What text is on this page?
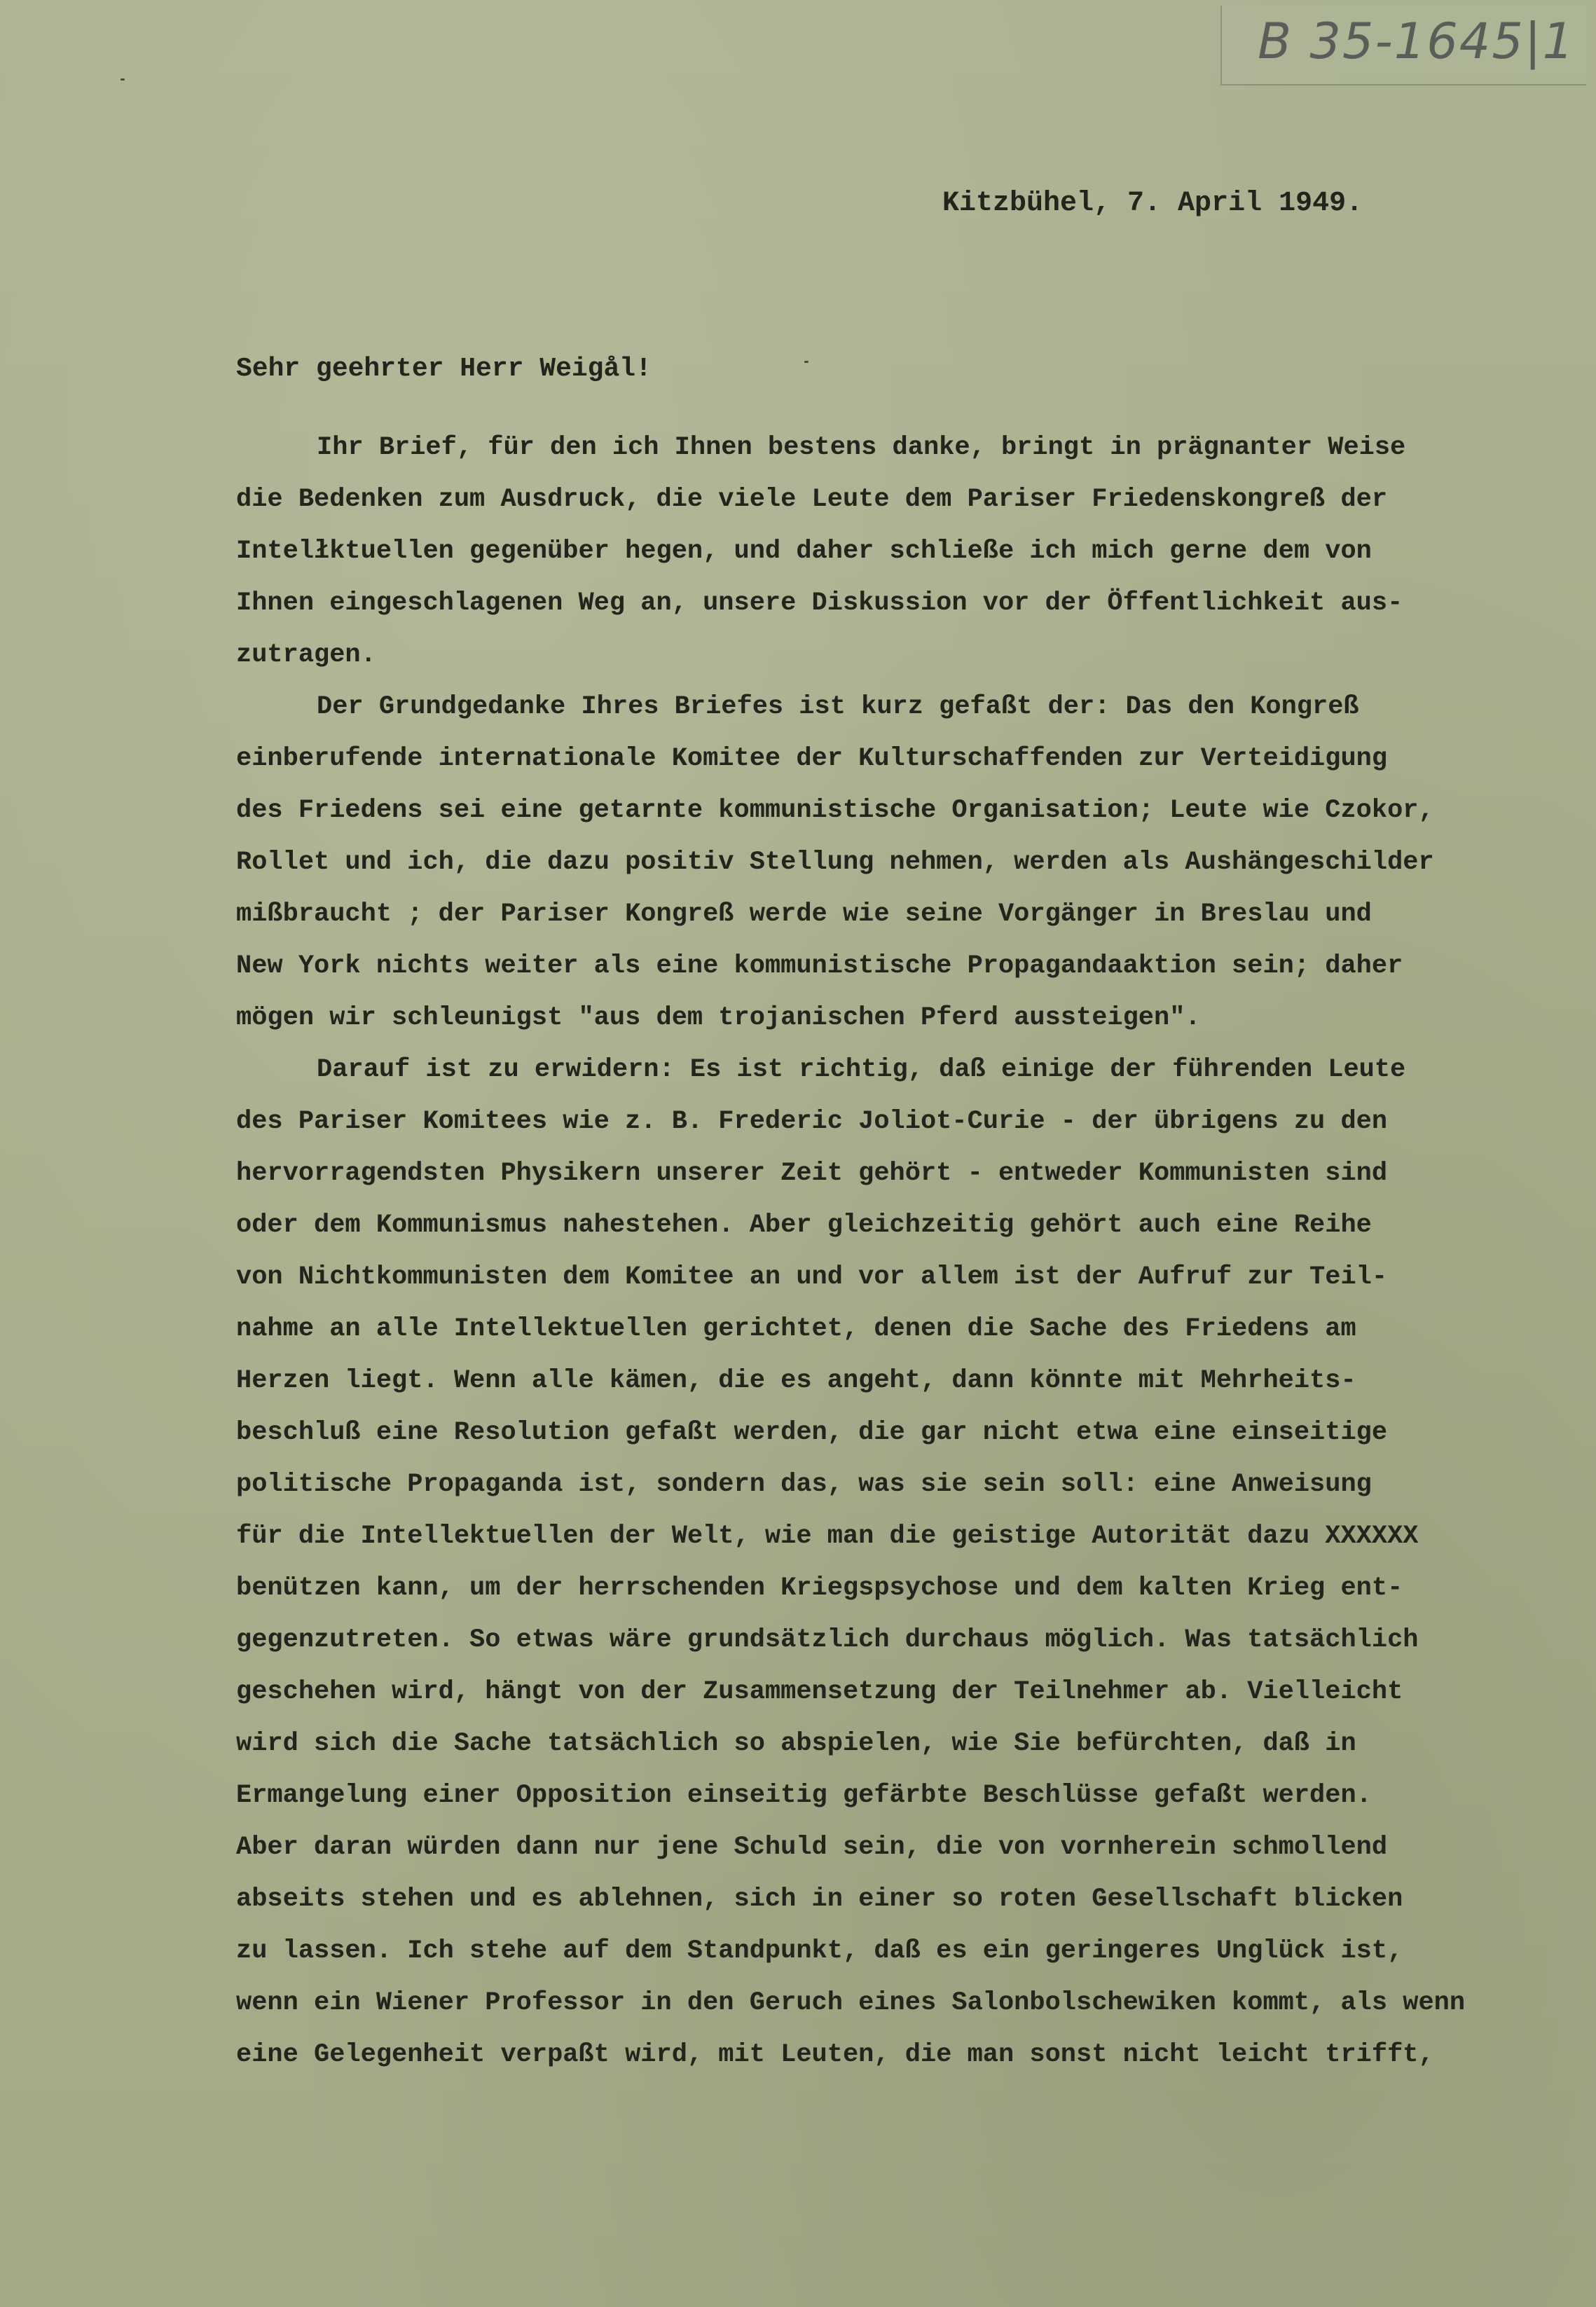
B 35-1645|1
Kitzbühel, 7. April 1949.
Sehr geehrter Herr Weigål!
Ihr Brief, für den ich Ihnen bestens danke, bringt in prägnanter Weise
die Bedenken zum Ausdruck, die viele Leute dem Pariser Friedenskongreß der
Intelłktuellen gegenüber hegen, und daher schließe ich mich gerne dem von
Ihnen eingeschlagenen Weg an, unsere Diskussion vor der Öffentlichkeit aus-
zutragen.
Der Grundgedanke Ihres Briefes ist kurz gefaßt der: Das den Kongreß
einberufende internationale Komitee der Kulturschaffenden zur Verteidigung
des Friedens sei eine getarnte kommunistische Organisation; Leute wie Czokor,
Rollet und ich, die dazu positiv Stellung nehmen, werden als Aushängeschilder
mißbraucht ; der Pariser Kongreß werde wie seine Vorgänger in Breslau und
New York nichts weiter als eine kommunistische Propagandaaktion sein; daher
mögen wir schleunigst "aus dem trojanischen Pferd aussteigen".
Darauf ist zu erwidern: Es ist richtig, daß einige der führenden Leute
des Pariser Komitees wie z. B. Frederic Joliot-Curie - der übrigens zu den
hervorragendsten Physikern unserer Zeit gehört - entweder Kommunisten sind
oder dem Kommunismus nahestehen. Aber gleichzeitig gehört auch eine Reihe
von Nichtkommunisten dem Komitee an und vor allem ist der Aufruf zur Teil-
nahme an alle Intellektuellen gerichtet, denen die Sache des Friedens am
Herzen liegt. Wenn alle kämen, die es angeht, dann könnte mit Mehrheits-
beschluß eine Resolution gefaßt werden, die gar nicht etwa eine einseitige
politische Propaganda ist, sondern das, was sie sein soll: eine Anweisung
für die Intellektuellen der Welt, wie man die geistige Autorität dazu XXXXXX
benützen kann, um der herrschenden Kriegspsychose und dem kalten Krieg ent-
gegenzutreten. So etwas wäre grundsätzlich durchaus möglich. Was tatsächlich
geschehen wird, hängt von der Zusammensetzung der Teilnehmer ab. Vielleicht
wird sich die Sache tatsächlich so abspielen, wie Sie befürchten, daß in
Ermangelung einer Opposition einseitig gefärbte Beschlüsse gefaßt werden.
Aber daran würden dann nur jene Schuld sein, die von vornherein schmollend
abseits stehen und es ablehnen, sich in einer so roten Gesellschaft blicken
zu lassen. Ich stehe auf dem Standpunkt, daß es ein geringeres Unglück ist,
wenn ein Wiener Professor in den Geruch eines Salonbolschewiken kommt, als wenn
eine Gelegenheit verpaßt wird, mit Leuten, die man sonst nicht leicht trifft,
